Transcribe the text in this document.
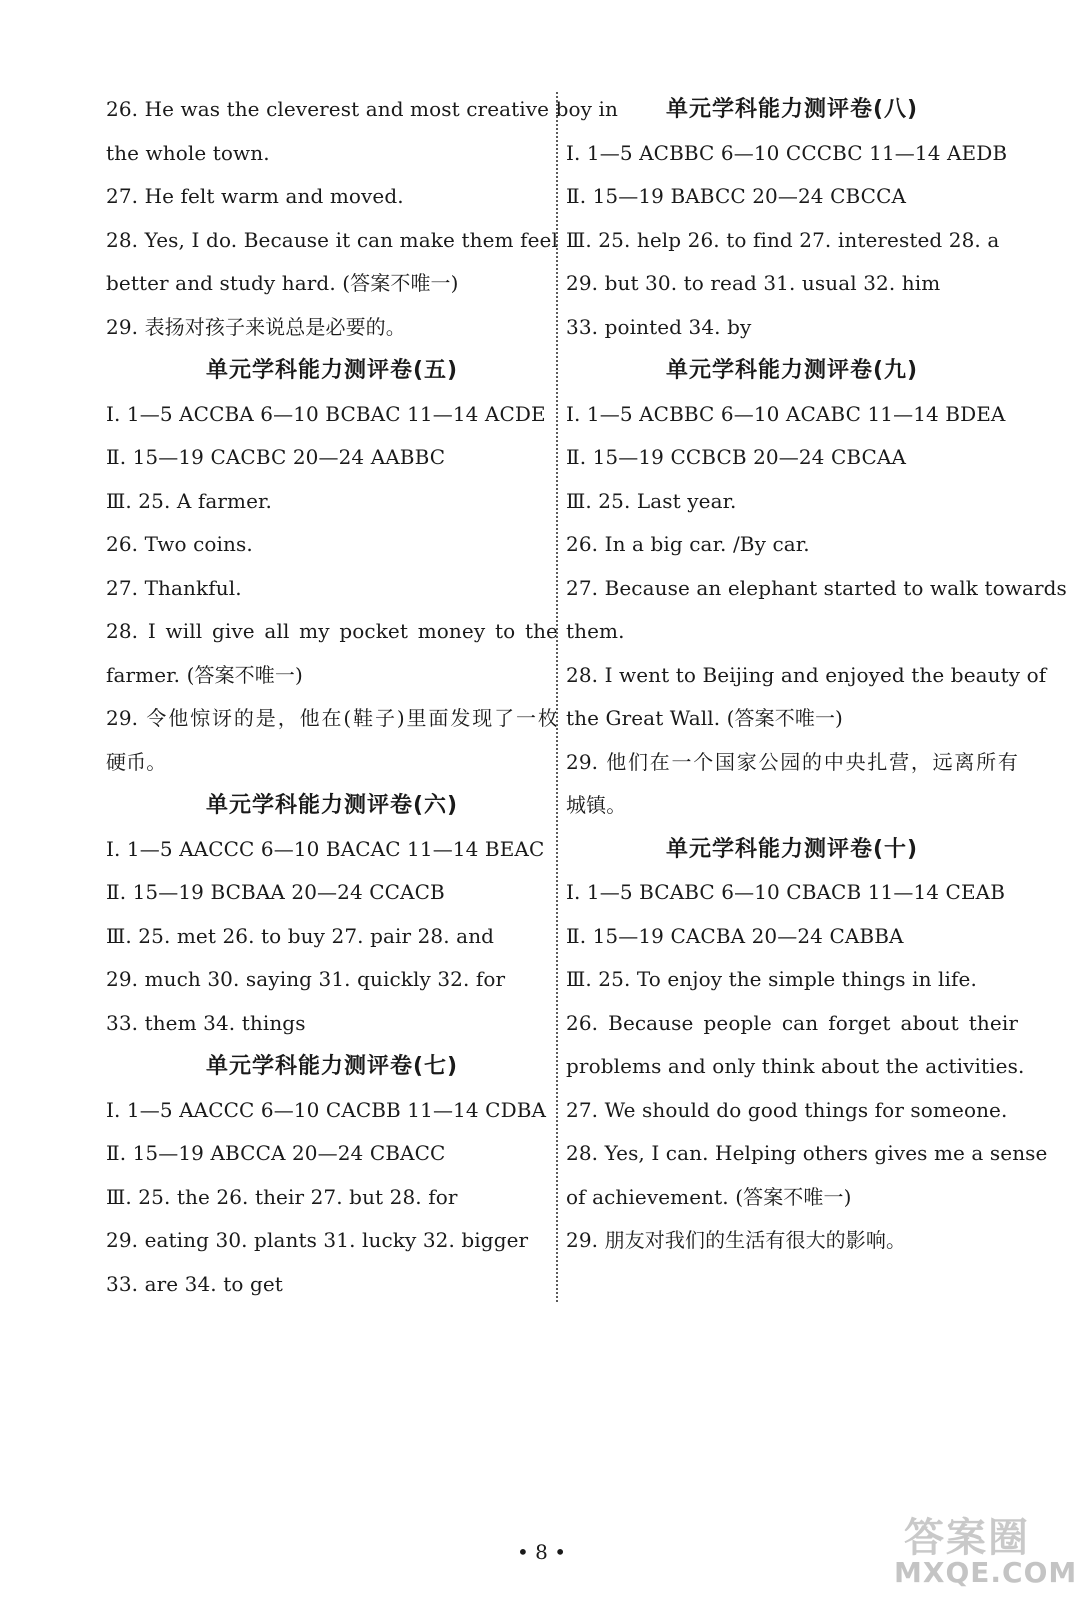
26. He was the cleverest and most creative boy in
the whole town.
27. He felt warm and moved.
28. Yes, I do. Because it can make them feel
better and study hard. (答案不唯一)
29. 表扬对孩子来说总是必要的。
单元学科能力测评卷(五)
Ⅰ. 1—5 ACCBA 6—10 BCBAC 11—14 ACDE
Ⅱ. 15—19 CACBC 20—24 AABBC
Ⅲ. 25. A farmer.
26. Two coins.
27. Thankful.
28. I will give all my pocket money to the
farmer. (答案不唯一)
29. 令他惊讶的是，他在(鞋子)里面发现了一枚
硬币。
单元学科能力测评卷(六)
Ⅰ. 1—5 AACCC 6—10 BACAC 11—14 BEAC
Ⅱ. 15—19 BCBAA 20—24 CCACB
Ⅲ. 25. met 26. to buy 27. pair 28. and
29. much 30. saying 31. quickly 32. for
33. them 34. things
单元学科能力测评卷(七)
Ⅰ. 1—5 AACCC 6—10 CACBB 11—14 CDBA
Ⅱ. 15—19 ABCCA 20—24 CBACC
Ⅲ. 25. the 26. their 27. but 28. for
29. eating 30. plants 31. lucky 32. bigger
33. are 34. to get
单元学科能力测评卷(八)
Ⅰ. 1—5 ACBBC 6—10 CCCBC 11—14 AEDB
Ⅱ. 15—19 BABCC 20—24 CBCCA
Ⅲ. 25. help 26. to find 27. interested 28. a
29. but 30. to read 31. usual 32. him
33. pointed 34. by
单元学科能力测评卷(九)
Ⅰ. 1—5 ACBBC 6—10 ACABC 11—14 BDEA
Ⅱ. 15—19 CCBCB 20—24 CBCAA
Ⅲ. 25. Last year.
26. In a big car. /By car.
27. Because an elephant started to walk towards
them.
28. I went to Beijing and enjoyed the beauty of
the Great Wall. (答案不唯一)
29. 他们在一个国家公园的中央扎营，远离所有
城镇。
单元学科能力测评卷(十)
Ⅰ. 1—5 BCABC 6—10 CBACB 11—14 CEAB
Ⅱ. 15—19 CACBA 20—24 CABBA
Ⅲ. 25. To enjoy the simple things in life.
26. Because people can forget about their
problems and only think about the activities.
27. We should do good things for someone.
28. Yes, I can. Helping others gives me a sense
of achievement. (答案不唯一)
29. 朋友对我们的生活有很大的影响。
• 8 •	答案圈
MXQE.COM
